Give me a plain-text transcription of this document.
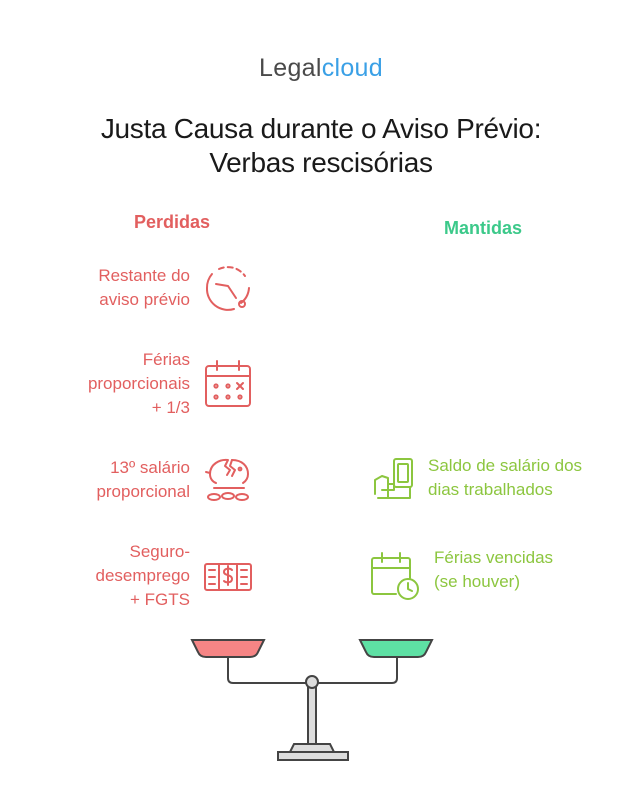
Legalcloud
Justa Causa durante o Aviso Prévio:
Verbas rescisórias
Perdidas	Mantidas
Restante do
aviso prévio
Férias
proporcionais
+ 1/3
13º salário
proporcional
Seguro-
desemprego
+ FGTS
Saldo de salário dos
dias trabalhados
Férias vencidas
(se houver)
